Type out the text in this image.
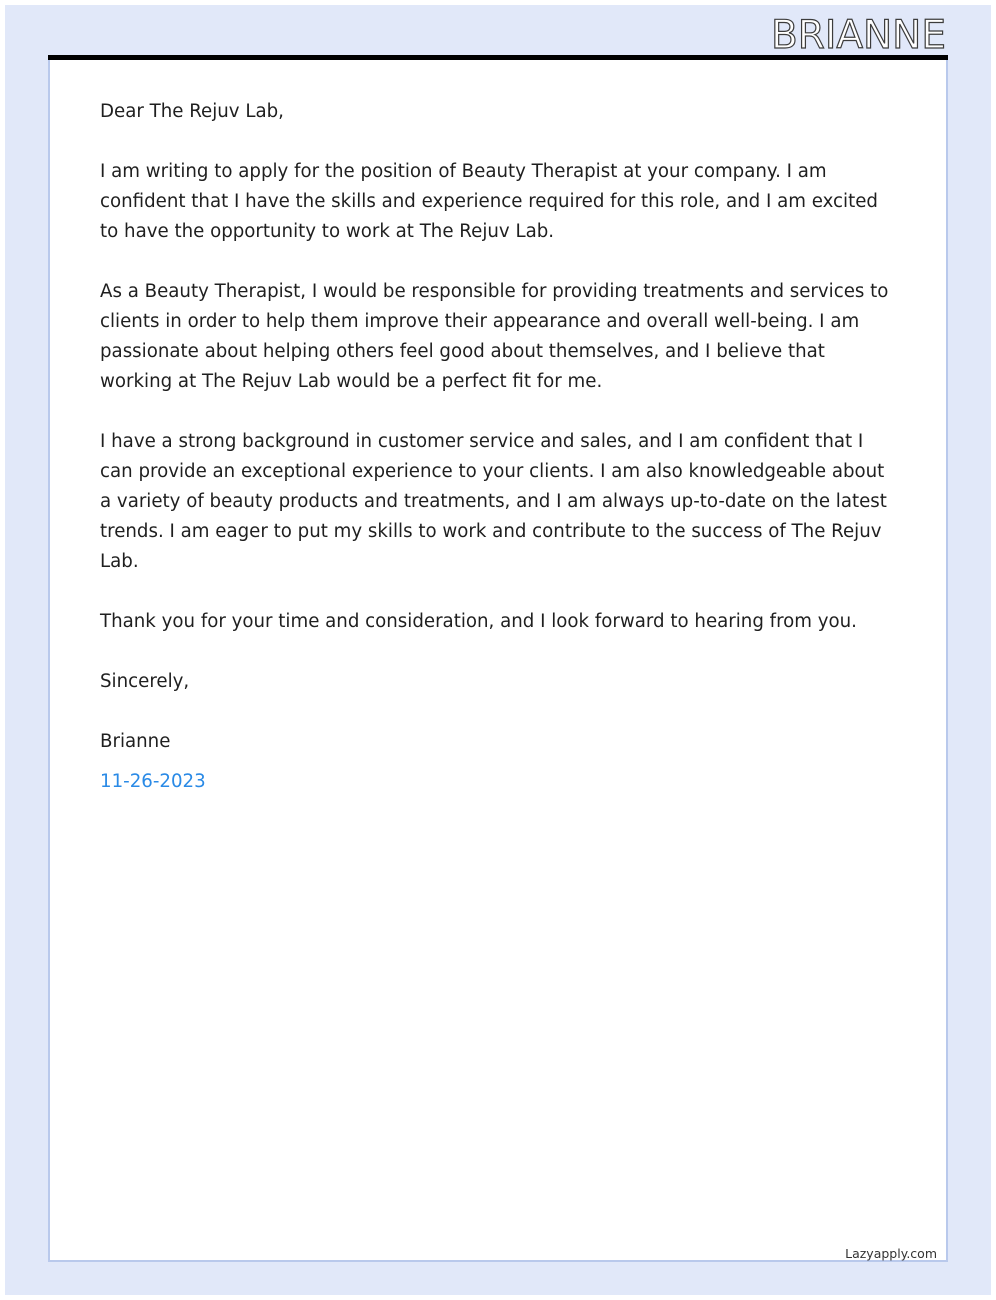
BRIANNE

Dear The Rejuv Lab,

I am writing to apply for the position of Beauty Therapist at your company. I am confident that I have the skills and experience required for this role, and I am excited to have the opportunity to work at The Rejuv Lab.

As a Beauty Therapist, I would be responsible for providing treatments and services to clients in order to help them improve their appearance and overall well-being. I am passionate about helping others feel good about themselves, and I believe that working at The Rejuv Lab would be a perfect fit for me.

I have a strong background in customer service and sales, and I am confident that I can provide an exceptional experience to your clients. I am also knowledgeable about a variety of beauty products and treatments, and I am always up-to-date on the latest trends. I am eager to put my skills to work and contribute to the success of The Rejuv Lab.

Thank you for your time and consideration, and I look forward to hearing from you.

Sincerely,

Brianne

11-26-2023

Lazyapply.com
